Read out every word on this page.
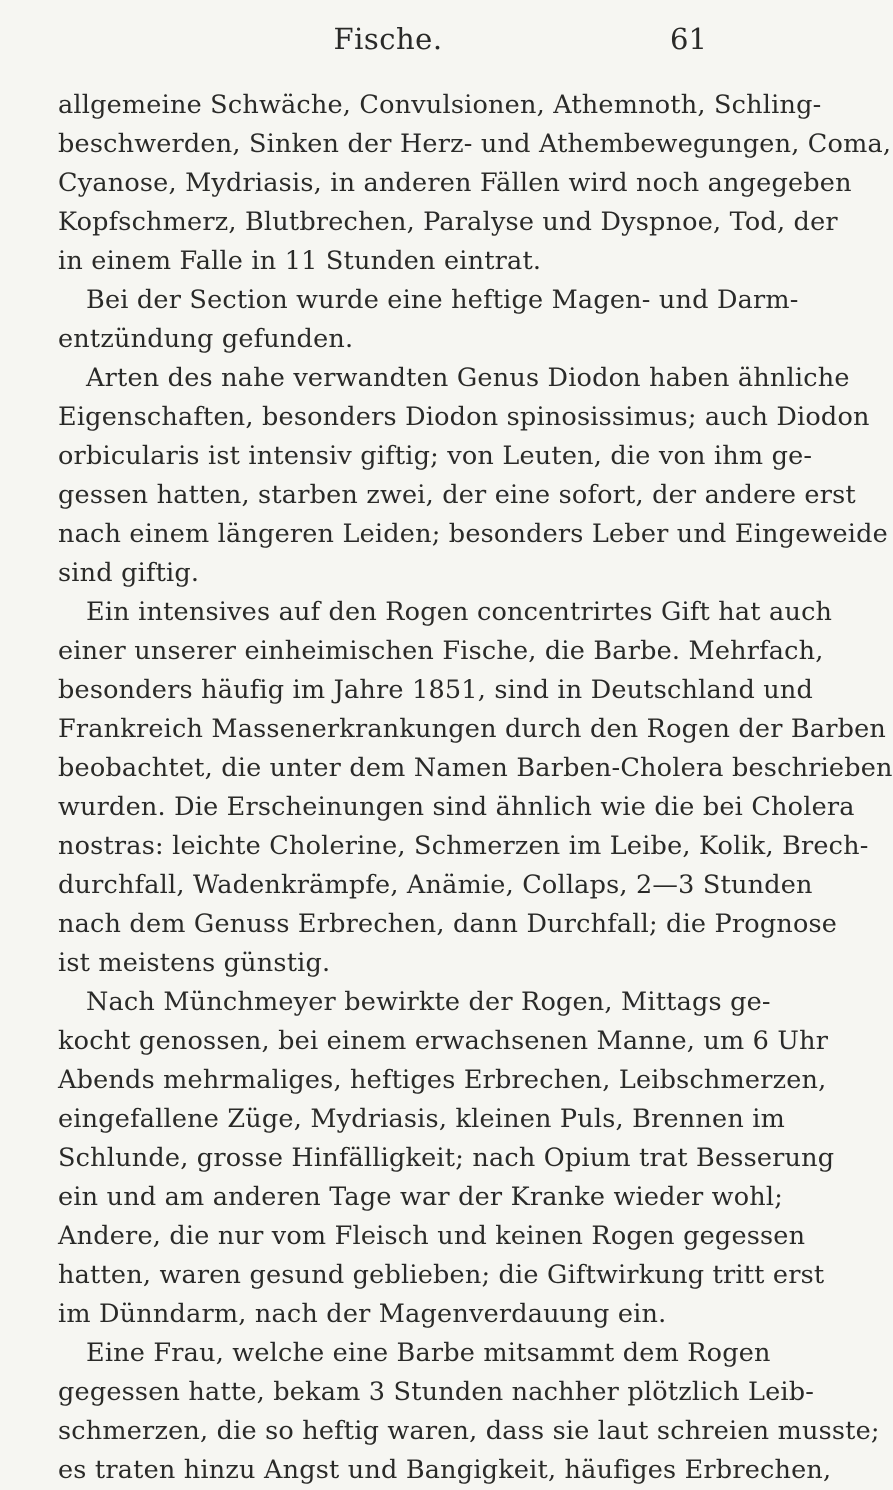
Fische.	61
allgemeine Schwäche, Convulsionen, Athemnoth, Schling-
beschwerden, Sinken der Herz- und Athembewegungen, Coma,
Cyanose, Mydriasis, in anderen Fällen wird noch angegeben
Kopfschmerz, Blutbrechen, Paralyse und Dyspnoe, Tod, der
in einem Falle in 11 Stunden eintrat.
Bei der Section wurde eine heftige Magen- und Darm-
entzündung gefunden.
Arten des nahe verwandten Genus Diodon haben ähnliche
Eigenschaften, besonders Diodon spinosissimus; auch Diodon
orbicularis ist intensiv giftig; von Leuten, die von ihm ge-
gessen hatten, starben zwei, der eine sofort, der andere erst
nach einem längeren Leiden; besonders Leber und Eingeweide
sind giftig.
Ein intensives auf den Rogen concentrirtes Gift hat auch
einer unserer einheimischen Fische, die Barbe. Mehrfach,
besonders häufig im Jahre 1851, sind in Deutschland und
Frankreich Massenerkrankungen durch den Rogen der Barben
beobachtet, die unter dem Namen Barben-Cholera beschrieben
wurden. Die Erscheinungen sind ähnlich wie die bei Cholera
nostras: leichte Cholerine, Schmerzen im Leibe, Kolik, Brech-
durchfall, Wadenkrämpfe, Anämie, Collaps, 2—3 Stunden
nach dem Genuss Erbrechen, dann Durchfall; die Prognose
ist meistens günstig.
Nach Münchmeyer bewirkte der Rogen, Mittags ge-
kocht genossen, bei einem erwachsenen Manne, um 6 Uhr
Abends mehrmaliges, heftiges Erbrechen, Leibschmerzen,
eingefallene Züge, Mydriasis, kleinen Puls, Brennen im
Schlunde, grosse Hinfälligkeit; nach Opium trat Besserung
ein und am anderen Tage war der Kranke wieder wohl;
Andere, die nur vom Fleisch und keinen Rogen gegessen
hatten, waren gesund geblieben; die Giftwirkung tritt erst
im Dünndarm, nach der Magenverdauung ein.
Eine Frau, welche eine Barbe mitsammt dem Rogen
gegessen hatte, bekam 3 Stunden nachher plötzlich Leib-
schmerzen, die so heftig waren, dass sie laut schreien musste;
es traten hinzu Angst und Bangigkeit, häufiges Erbrechen,
